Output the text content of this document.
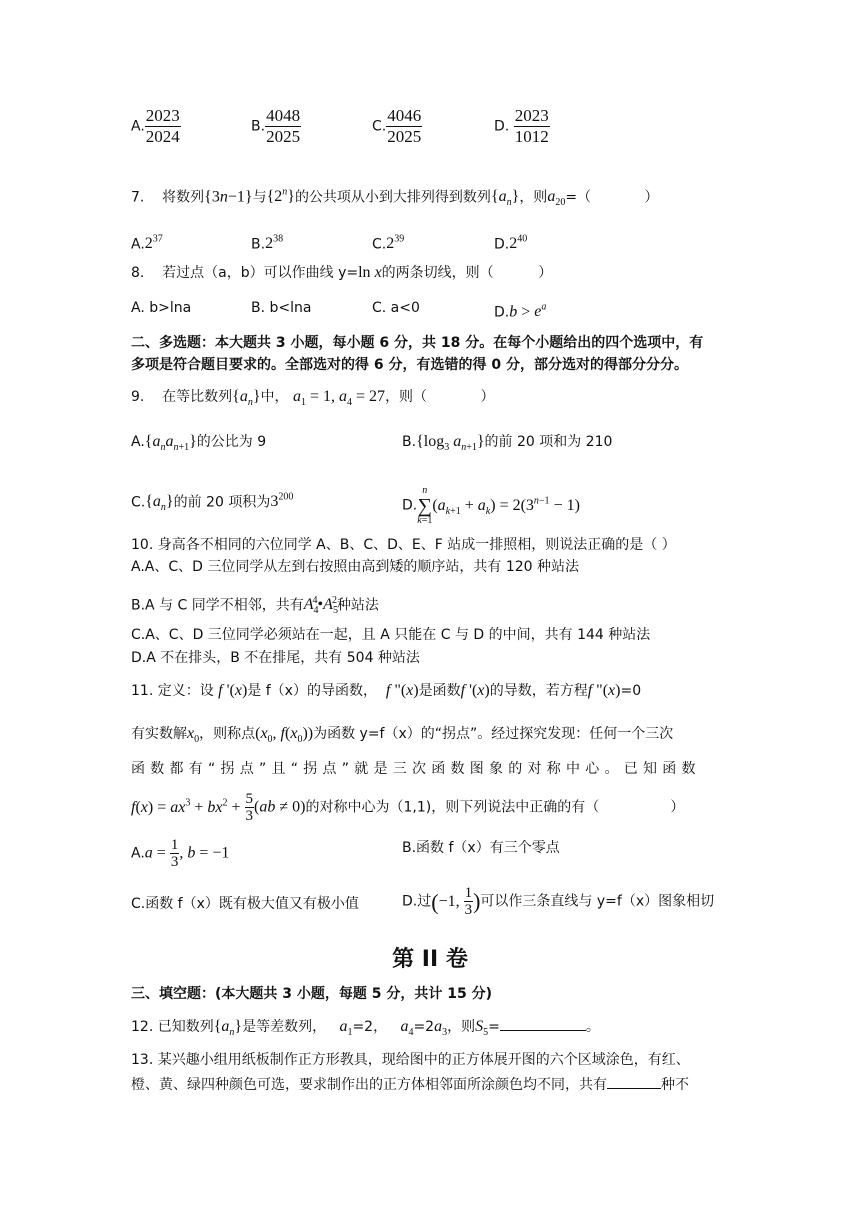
A. $\frac{2023}{2024}$	B. $\frac{4048}{2025}$	C. $\frac{4046}{2025}$	D. $\frac{2023}{1012}$
7. 将数列{3n−1}与{2$^n$}的公共项从小到大排列得到数列$\{a_n\}$，则$a_{20}=$（	）
$A.2^{37}$	$B.2^{38}$	$C.2^{39}$	$D.2^{40}$
8. 若过点（a，b）可以作曲线 y=ln x的两条切线，则（	）
A. b>lna	B. b<lna	C. a<0	$D.b > e^a$
二、多选题：本大题共 3 小题，每小题 6 分，共 18 分。在每个小题给出的四个选项中，有
多项是符合题目要求的。全部选对的得 6 分，有选错的得 0 分，部分选对的得部分分分。
9. 在等比数列$\{a_n\}$中， $a_1 = 1$, $a_4 = 27$，则（	）
$A.\{a_na_{n+1}\}$的公比为 9	$B.\{\log_3$ $a_{n+1}$}的前 20 项和为 210
$C.\{a_n\}$的前 20 项积为$3^{200}$
D.n
∑
$k=1(a_{k+1} + a_k) = 2(3^{n-1} - 1)$
10. 身高各不相同的六位同学 A、B、C、D、E、F 站成一排照相，则说法正确的是（ ）
A.A、C、D 三位同学从左到右按照由高到矮的顺序站，共有 120 种站法
B.A 与 C 同学不相邻，共有$A_4^4•A_5^2$种站法
C.A、C、D 三位同学必须站在一起，且 A 只能在 C 与 D 的中间，共有 144 种站法
D.A 不在排头，B 不在排尾，共有 504 种站法
11. 定义：设 f '(x)是 f（x）的导函数， f "(x)是函数f '(x)的导数，若方程f "(x)=0
有实数解$x_0$，则称点($x_0$, $f(x_0)$)为函数 y=f（x）的“拐点”。经过探究发现：任何一个三次
函 数 都 有 “ 拐 点 ” 且 “ 拐 点 ” 就 是 三 次 函 数 图 象 的 对 称 中 心 。 已 知 函 数
$f(x) = ax^3 + bx^2 + \frac{5}{3} (ab \ne 0)$的对称中心为（1,1)，则下列说法中正确的有（	）
$A.a = \frac{1}{3}$ , b = −1	B.函数 f（x）有三个零点
C.函数 f（x）既有极大值又有极小值	D.过(−1, $\frac{1}{3}$ )可以作三条直线与 y=f（x）图象相切
第 II 卷
三、填空题：(本大题共 3 小题，每题 5 分，共计 15 分)
12. 已知数列$\{a_n\}$是等差数列， $a_1=2$， $a_4=2a_3$，则$S_5=$	。
13. 某兴趣小组用纸板制作正方形教具，现给图中的正方体展开图的六个区域涂色，有红、
橙、黄、绿四种颜色可选，要求制作出的正方体相邻面所涂颜色均不同，共有	种不
